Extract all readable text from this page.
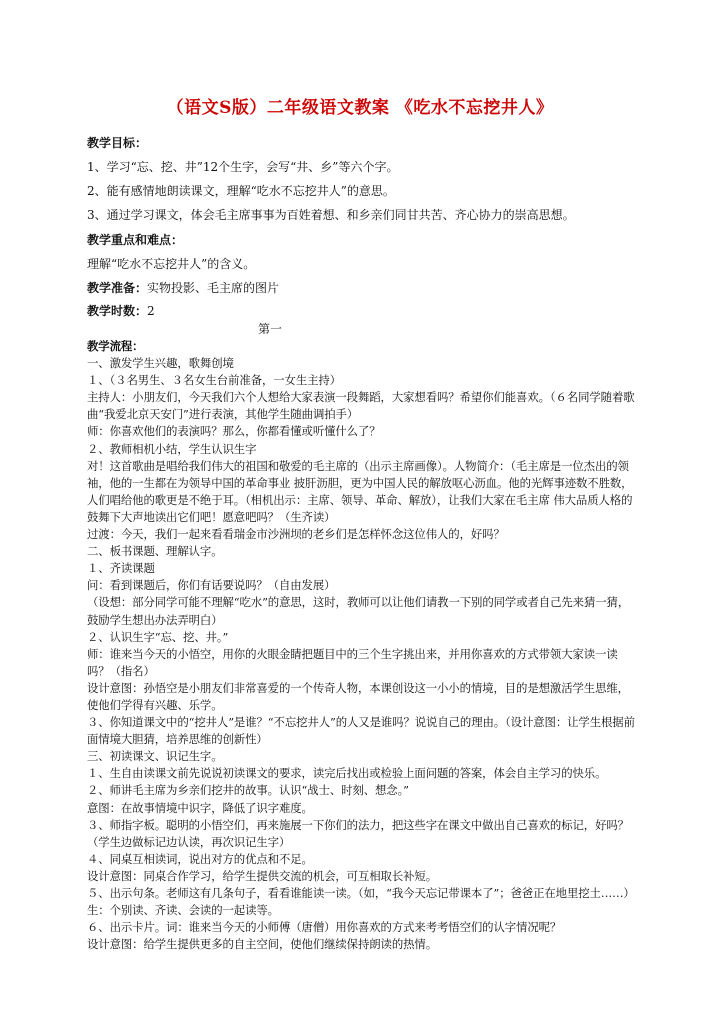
（语文S版）二年级语文教案 《吃水不忘挖井人》

教学目标：

1、学习“忘、挖、井”12个生字，会写“井、乡”等六个字。

2、能有感情地朗读课文，理解“吃水不忘挖井人”的意思。

3、通过学习课文，体会毛主席事事为百姓着想、和乡亲们同甘共苦、齐心协力的崇高思想。

教学重点和难点：

理解“吃水不忘挖井人”的含义。

教学准备：实物投影、毛主席的图片

教学时数：2

第一

教学流程：

一、激发学生兴趣，歌舞创境

１、（３名男生、３名女生台前准备，一女生主持）

主持人：小朋友们，今天我们六个人想给大家表演一段舞蹈，大家想看吗？希望你们能喜欢。（６名同学随着歌曲“我爱北京天安门”进行表演，其他学生随曲调拍手）

师：你喜欢他们的表演吗？那么，你都看懂或听懂什么了？

２、教师相机小结，学生认识生字

对！这首歌曲是唱给我们伟大的祖国和敬爱的毛主席的（出示主席画像）。人物简介：（毛主席是一位杰出的领袖，他的一生都在为领导中国的革命事业 披肝沥胆，更为中国人民的解放呕心沥血。他的光辉事迹数不胜数，人们唱给他的歌更是不绝于耳。（相机出示：主席、领导、革命、解放），让我们大家在毛主席 伟大品质人格的鼓舞下大声地读出它们吧！愿意吧吗？（生齐读）

过渡：今天，我们一起来看看瑞金市沙洲坝的老乡们是怎样怀念这位伟人的，好吗？

二、板书课题、理解认字。

１、齐读课题

问：看到课题后，你们有话要说吗？（自由发展）

（设想：部分同学可能不理解“吃水”的意思，这时，教师可以让他们请教一下别的同学或者自己先来猜一猜，鼓励学生想出办法弄明白）

２、认识生字“忘、挖、井。”

师：谁来当今天的小悟空，用你的火眼金睛把题目中的三个生字挑出来，并用你喜欢的方式带领大家读一读吗？（指名）

设计意图：孙悟空是小朋友们非常喜爱的一个传奇人物，本课创设这一小小的情境，目的是想激活学生思维，使他们学得有兴趣、乐学。

３、你知道课文中的“挖井人”是谁？“不忘挖井人”的人又是谁吗？说说自己的理由。（设计意图：让学生根据前面情境大胆猜，培养思维的创新性）

三、初读课文、识记生字。

１、生自由读课文前先说说初读课文的要求，读完后找出或检验上面问题的答案，体会自主学习的快乐。

２、师讲毛主席为乡亲们挖井的故事。认识“战士、时刻、想念。”

意图：在故事情境中识字，降低了识字难度。

３、师指字板。聪明的小悟空们，再来施展一下你们的法力，把这些字在课文中做出自己喜欢的标记，好吗？（学生边做标记边认读，再次识记生字）

４、同桌互相读词，说出对方的优点和不足。

设计意图：同桌合作学习，给学生提供交流的机会，可互相取长补短。

５、出示句条。老师这有几条句子，看看谁能读一读。（如，“我今天忘记带课本了”；爸爸正在地里挖土……）生：个别读、齐读、会读的一起读等。

６、出示卡片。词：谁来当今天的小师傅（唐僧）用你喜欢的方式来考考悟空们的认字情况呢？

设计意图：给学生提供更多的自主空间，使他们继续保持朗读的热情。
